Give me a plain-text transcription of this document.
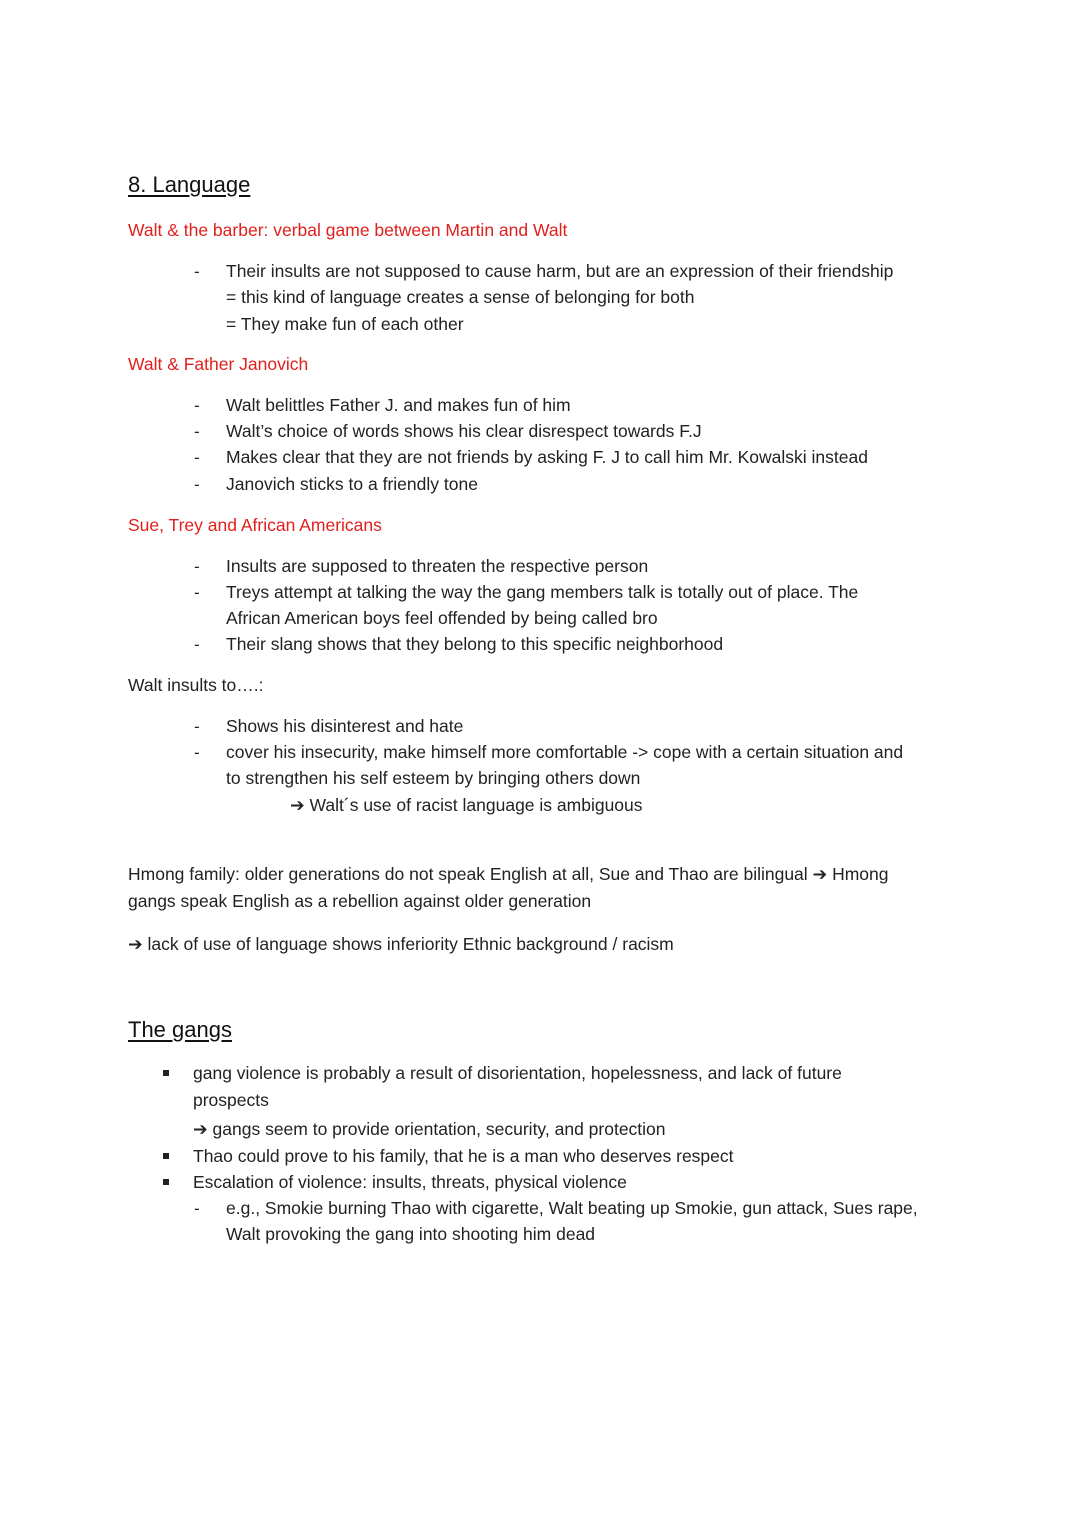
8. Language
Walt & the barber: verbal game between Martin and Walt
- Their insults are not supposed to cause harm, but are an expression of their friendship
= this kind of language creates a sense of belonging for both
= They make fun of each other
Walt & Father Janovich
- Walt belittles Father J. and makes fun of him
- Walt’s choice of words shows his clear disrespect towards F.J
- Makes clear that they are not friends by asking F. J to call him Mr. Kowalski instead
- Janovich sticks to a friendly tone
Sue, Trey and African Americans
- Insults are supposed to threaten the respective person
- Treys attempt at talking the way the gang members talk is totally out of place. The
African American boys feel offended by being called bro
- Their slang shows that they belong to this specific neighborhood
Walt insults to….:
- Shows his disinterest and hate
- cover his insecurity, make himself more comfortable -> cope with a certain situation and
to strengthen his self esteem by bringing others down
➔ Walt´s use of racist language is ambiguous
Hmong family: older generations do not speak English at all, Sue and Thao are bilingual ➔ Hmong
gangs speak English as a rebellion against older generation
➔ lack of use of language shows inferiority Ethnic background / racism
The gangs
gang violence is probably a result of disorientation, hopelessness, and lack of future
prospects
➔ gangs seem to provide orientation, security, and protection
Thao could prove to his family, that he is a man who deserves respect
Escalation of violence: insults, threats, physical violence
- e.g., Smokie burning Thao with cigarette, Walt beating up Smokie, gun attack, Sues rape,
Walt provoking the gang into shooting him dead
